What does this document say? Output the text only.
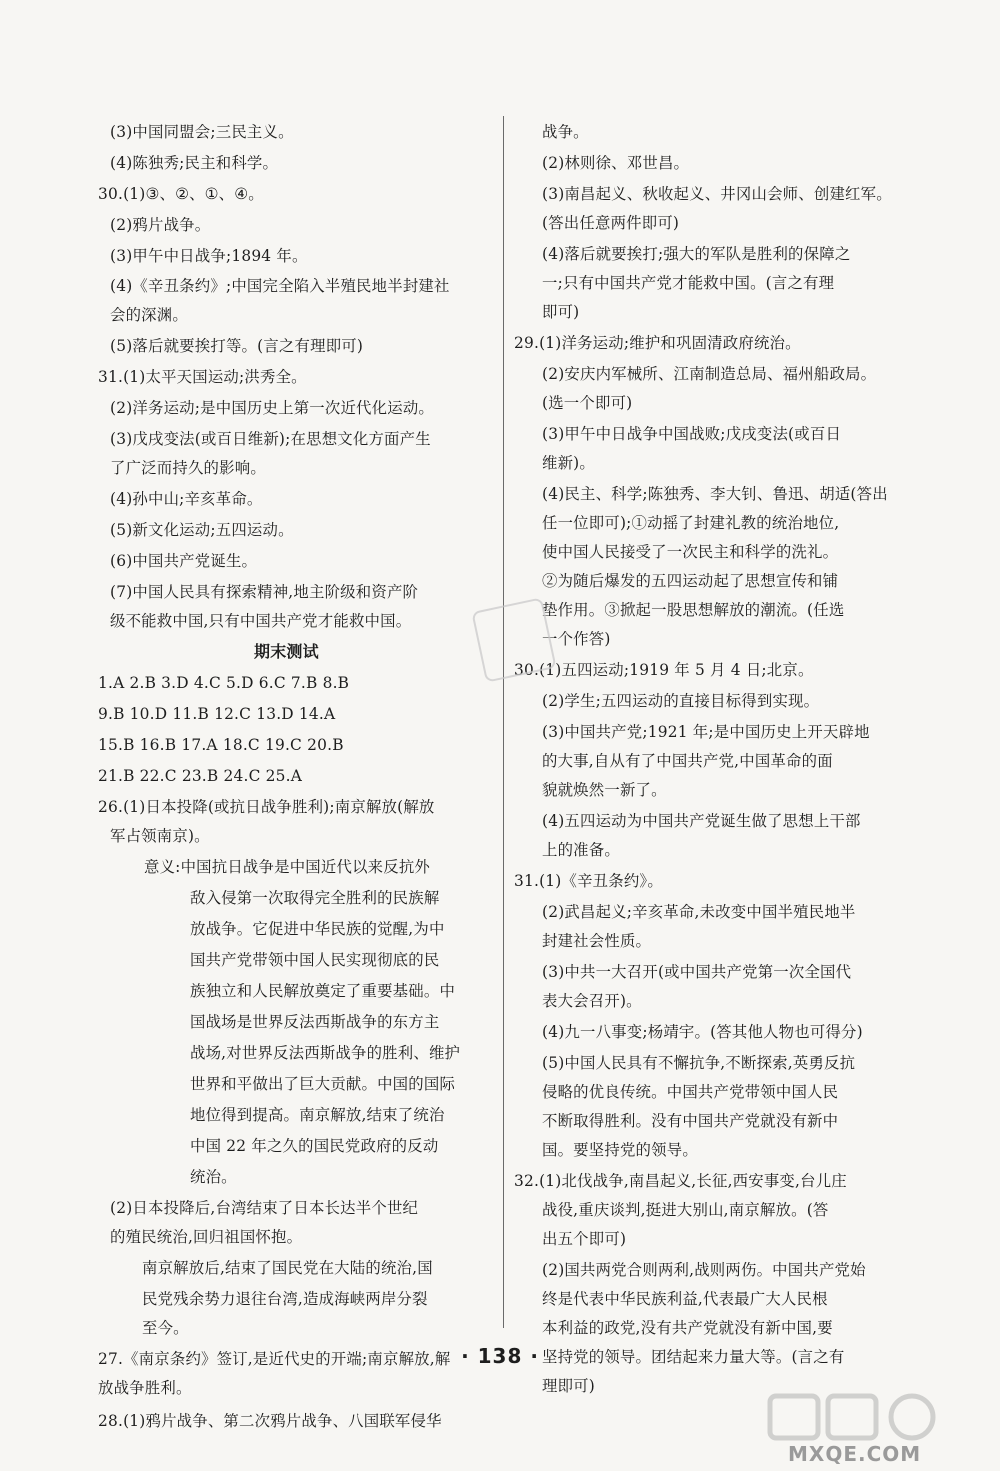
(3)中国同盟会;三民主义。
(4)陈独秀;民主和科学。
30.(1)③、②、①、④。
(2)鸦片战争。
(3)甲午中日战争;1894 年。
(4)《辛丑条约》;中国完全陷入半殖民地半封建社
会的深渊。
(5)落后就要挨打等。(言之有理即可)
31.(1)太平天国运动;洪秀全。
(2)洋务运动;是中国历史上第一次近代化运动。
(3)戊戌变法(或百日维新);在思想文化方面产生
了广泛而持久的影响。
(4)孙中山;辛亥革命。
(5)新文化运动;五四运动。
(6)中国共产党诞生。
(7)中国人民具有探索精神,地主阶级和资产阶
级不能救中国,只有中国共产党才能救中国。
期末测试
1.A 2.B 3.D 4.C 5.D 6.C 7.B 8.B
9.B 10.D 11.B 12.C 13.D 14.A
15.B 16.B 17.A 18.C 19.C 20.B
21.B 22.C 23.B 24.C 25.A
26.(1)日本投降(或抗日战争胜利);南京解放(解放
军占领南京)。
意义:中国抗日战争是中国近代以来反抗外
敌入侵第一次取得完全胜利的民族解
放战争。它促进中华民族的觉醒,为中
国共产党带领中国人民实现彻底的民
族独立和人民解放奠定了重要基础。中
国战场是世界反法西斯战争的东方主
战场,对世界反法西斯战争的胜利、维护
世界和平做出了巨大贡献。中国的国际
地位得到提高。南京解放,结束了统治
中国 22 年之久的国民党政府的反动
统治。
(2)日本投降后,台湾结束了日本长达半个世纪
的殖民统治,回归祖国怀抱。
南京解放后,结束了国民党在大陆的统治,国
民党残余势力退往台湾,造成海峡两岸分裂
至今。
27.《南京条约》签订,是近代史的开端;南京解放,解
放战争胜利。
28.(1)鸦片战争、第二次鸦片战争、八国联军侵华
战争。
(2)林则徐、邓世昌。
(3)南昌起义、秋收起义、井冈山会师、创建红军。
(答出任意两件即可)
(4)落后就要挨打;强大的军队是胜利的保障之
一;只有中国共产党才能救中国。(言之有理
即可)
29.(1)洋务运动;维护和巩固清政府统治。
(2)安庆内军械所、江南制造总局、福州船政局。
(选一个即可)
(3)甲午中日战争中国战败;戊戌变法(或百日
维新)。
(4)民主、科学;陈独秀、李大钊、鲁迅、胡适(答出
任一位即可);①动摇了封建礼教的统治地位,
使中国人民接受了一次民主和科学的洗礼。
②为随后爆发的五四运动起了思想宣传和铺
垫作用。③掀起一股思想解放的潮流。(任选
一个作答)
30.(1)五四运动;1919 年 5 月 4 日;北京。
(2)学生;五四运动的直接目标得到实现。
(3)中国共产党;1921 年;是中国历史上开天辟地
的大事,自从有了中国共产党,中国革命的面
貌就焕然一新了。
(4)五四运动为中国共产党诞生做了思想上干部
上的准备。
31.(1)《辛丑条约》。
(2)武昌起义;辛亥革命,未改变中国半殖民地半
封建社会性质。
(3)中共一大召开(或中国共产党第一次全国代
表大会召开)。
(4)九一八事变;杨靖宇。(答其他人物也可得分)
(5)中国人民具有不懈抗争,不断探索,英勇反抗
侵略的优良传统。中国共产党带领中国人民
不断取得胜利。没有中国共产党就没有新中
国。要坚持党的领导。
32.(1)北伐战争,南昌起义,长征,西安事变,台儿庄
战役,重庆谈判,挺进大别山,南京解放。(答
出五个即可)
(2)国共两党合则两利,战则两伤。中国共产党始
终是代表中华民族利益,代表最广大人民根
本利益的政党,没有共产党就没有新中国,要
坚持党的领导。团结起来力量大等。(言之有
理即可)
· 138 ·
MXQE.COM
